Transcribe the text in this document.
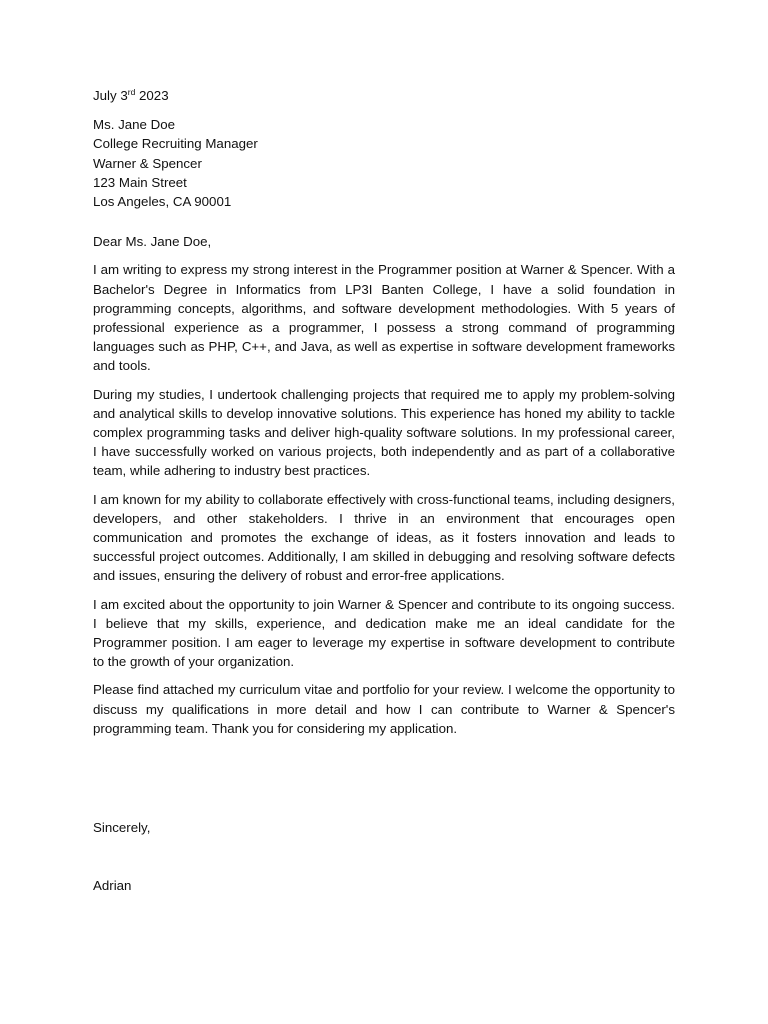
July 3rd 2023

Ms. Jane Doe
College Recruiting Manager
Warner & Spencer
123 Main Street
Los Angeles, CA 90001
Dear Ms. Jane Doe,

I am writing to express my strong interest in the Programmer position at Warner & Spencer. With a Bachelor's Degree in Informatics from LP3I Banten College, I have a solid foundation in programming concepts, algorithms, and software development methodologies. With 5 years of professional experience as a programmer, I possess a strong command of programming languages such as PHP, C++, and Java, as well as expertise in software development frameworks and tools.

During my studies, I undertook challenging projects that required me to apply my problem-solving and analytical skills to develop innovative solutions. This experience has honed my ability to tackle complex programming tasks and deliver high-quality software solutions. In my professional career, I have successfully worked on various projects, both independently and as part of a collaborative team, while adhering to industry best practices.

I am known for my ability to collaborate effectively with cross-functional teams, including designers, developers, and other stakeholders. I thrive in an environment that encourages open communication and promotes the exchange of ideas, as it fosters innovation and leads to successful project outcomes. Additionally, I am skilled in debugging and resolving software defects and issues, ensuring the delivery of robust and error-free applications.

I am excited about the opportunity to join Warner & Spencer and contribute to its ongoing success. I believe that my skills, experience, and dedication make me an ideal candidate for the Programmer position. I am eager to leverage my expertise in software development to contribute to the growth of your organization.

Please find attached my curriculum vitae and portfolio for your review. I welcome the opportunity to discuss my qualifications in more detail and how I can contribute to Warner & Spencer's programming team. Thank you for considering my application.

Sincerely,
Adrian
